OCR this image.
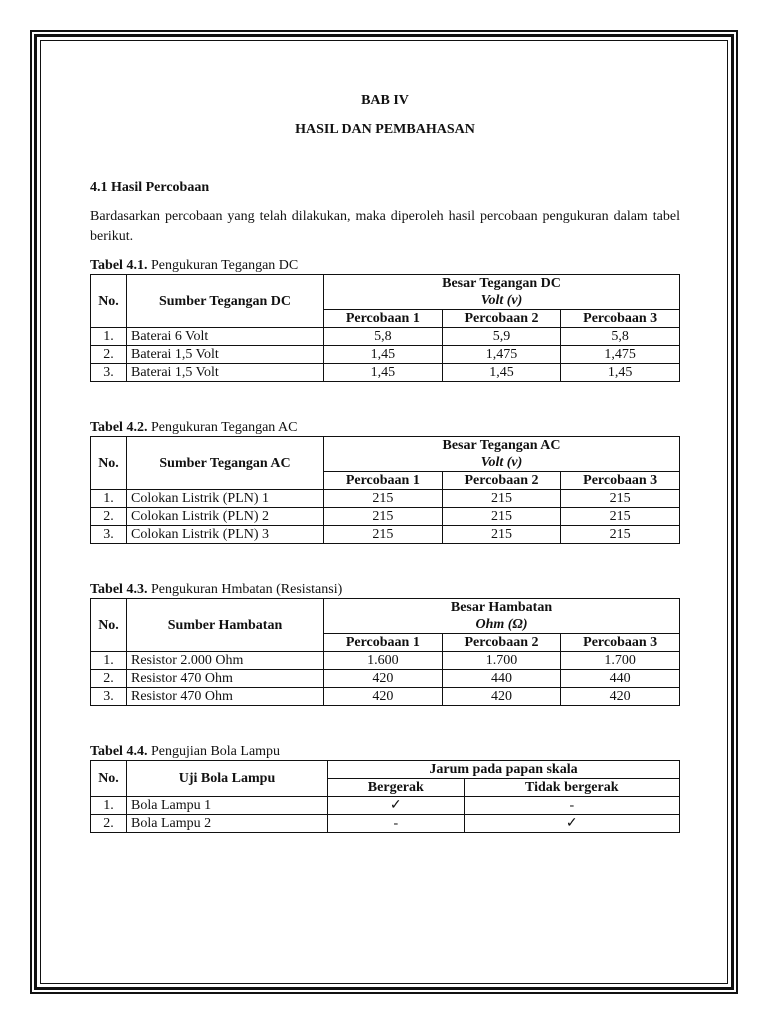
BAB IV

HASIL DAN PEMBAHASAN

4.1 Hasil Percobaan

Bardasarkan percobaan yang telah dilakukan, maka diperoleh hasil percobaan pengukuran dalam tabel berikut.

Tabel 4.1. Pengukuran Tegangan DC

No.	Sumber Tegangan DC	Besar Tegangan DC
Volt (v)		
		Percobaan 1	Percobaan 2	Percobaan 3
1.	Baterai 6 Volt	5,8	5,9	5,8
2.	Baterai 1,5 Volt	1,45	1,475	1,475
3.	Baterai 1,5 Volt	1,45	1,45	1,45

Tabel 4.2. Pengukuran Tegangan AC

No.	Sumber Tegangan AC	Besar Tegangan AC
Volt (v)		
		Percobaan 1	Percobaan 2	Percobaan 3
1.	Colokan Listrik (PLN) 1	215	215	215
2.	Colokan Listrik (PLN) 2	215	215	215
3.	Colokan Listrik (PLN) 3	215	215	215

Tabel 4.3. Pengukuran Hmbatan (Resistansi)

No.	Sumber Hambatan	Besar Hambatan
Ohm (Ω)		
		Percobaan 1	Percobaan 2	Percobaan 3
1.	Resistor 2.000 Ohm	1.600	1.700	1.700
2.	Resistor 470 Ohm	420	440	440
3.	Resistor 470 Ohm	420	420	420

Tabel 4.4. Pengujian Bola Lampu

No.	Uji Bola Lampu	Jarum pada papan skala	
		Bergerak	Tidak bergerak
1.	Bola Lampu 1	✓	-
2.	Bola Lampu 2	-	✓
